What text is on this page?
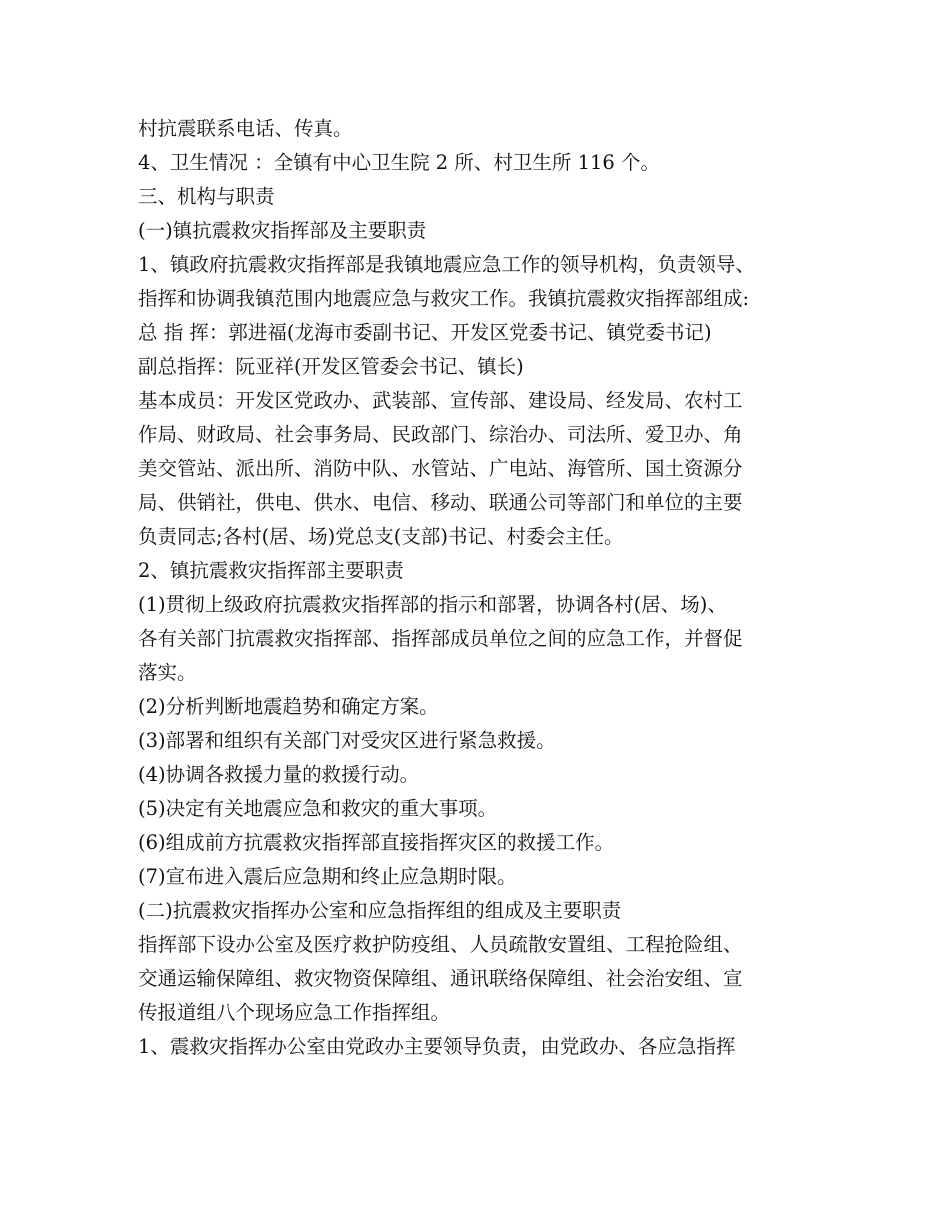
村抗震联系电话、传真。
4、卫生情况 ：全镇有中心卫生院 2 所、村卫生所 116 个。
三、机构与职责
(一)镇抗震救灾指挥部及主要职责
1、镇政府抗震救灾指挥部是我镇地震应急工作的领导机构，负责领导、
指挥和协调我镇范围内地震应急与救灾工作。我镇抗震救灾指挥部组成:
总 指 挥：郭进福(龙海市委副书记、开发区党委书记、镇党委书记)
副总指挥：阮亚祥(开发区管委会书记、镇长)
基本成员：开发区党政办、武装部、宣传部、建设局、经发局、农村工
作局、财政局、社会事务局、民政部门、综治办、司法所、爱卫办、角
美交管站、派出所、消防中队、水管站、广电站、海管所、国土资源分
局、供销社，供电、供水、电信、移动、联通公司等部门和单位的主要
负责同志;各村(居、场)党总支(支部)书记、村委会主任。
2、镇抗震救灾指挥部主要职责
(1)贯彻上级政府抗震救灾指挥部的指示和部署，协调各村(居、场)、
各有关部门抗震救灾指挥部、指挥部成员单位之间的应急工作，并督促
落实。
(2)分析判断地震趋势和确定方案。
(3)部署和组织有关部门对受灾区进行紧急救援。
(4)协调各救援力量的救援行动。
(5)决定有关地震应急和救灾的重大事项。
(6)组成前方抗震救灾指挥部直接指挥灾区的救援工作。
(7)宣布进入震后应急期和终止应急期时限。
(二)抗震救灾指挥办公室和应急指挥组的组成及主要职责
指挥部下设办公室及医疗救护防疫组、人员疏散安置组、工程抢险组、
交通运输保障组、救灾物资保障组、通讯联络保障组、社会治安组、宣
传报道组八个现场应急工作指挥组。
1、震救灾指挥办公室由党政办主要领导负责，由党政办、各应急指挥
